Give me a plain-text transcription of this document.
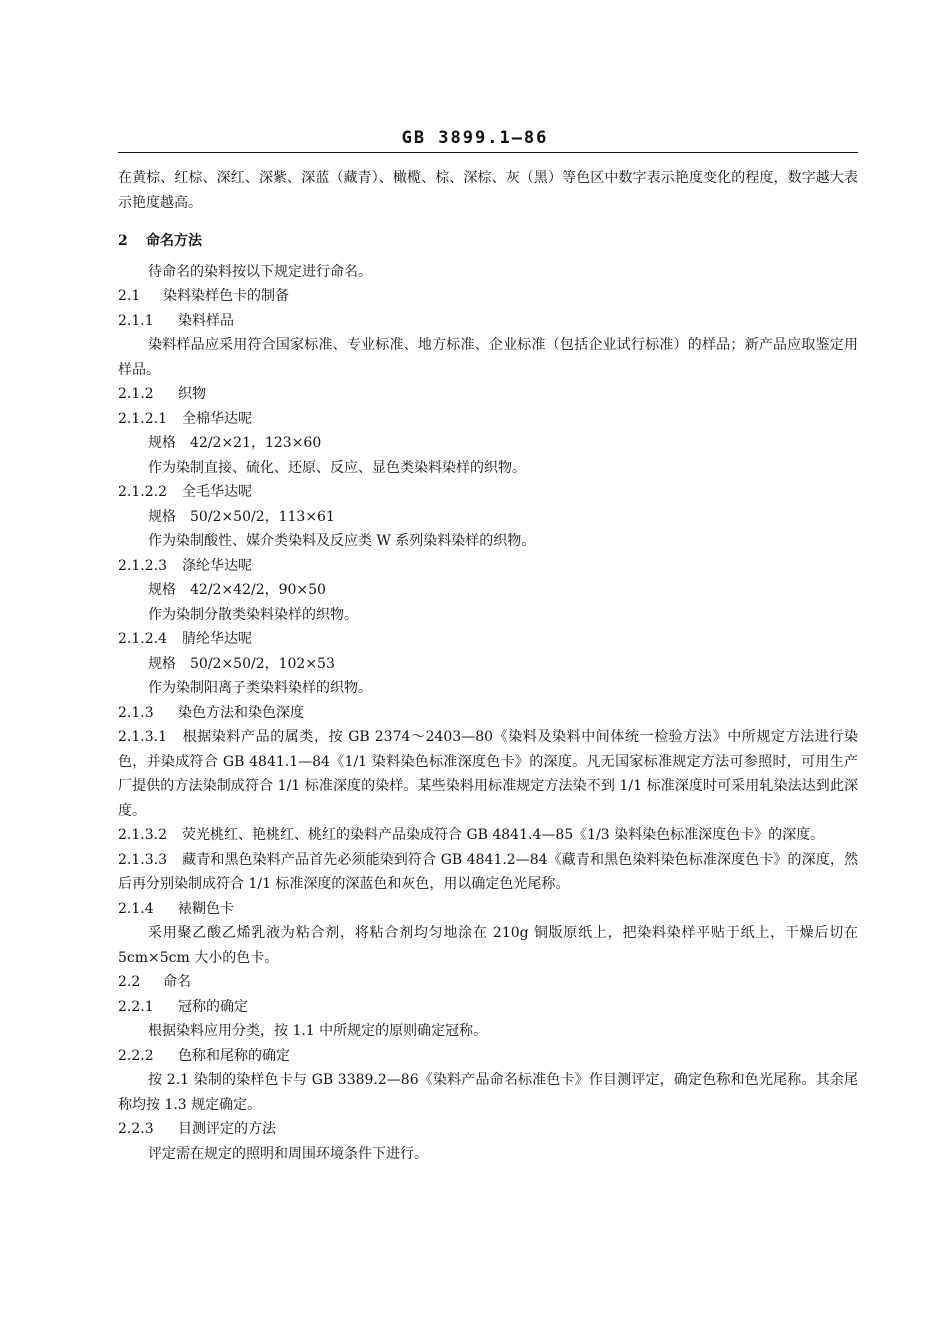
GB 3899.1—86

在黄棕、红棕、深红、深紫、深蓝（藏青）、橄榄、棕、深棕、灰（黑）等色区中数字表示艳度变化的程度，数字越大表示艳度越高。

2 命名方法

待命名的染料按以下规定进行命名。

2.1 染料染样色卡的制备

2.1.1 染料样品

染料样品应采用符合国家标准、专业标准、地方标准、企业标准（包括企业试行标准）的样品；新产品应取鉴定用样品。

2.1.2 织物

2.1.2.1 全棉华达呢

规格　42/2×21，123×60

作为染制直接、硫化、还原、反应、显色类染料染样的织物。

2.1.2.2 全毛华达呢

规格　50/2×50/2，113×61

作为染制酸性、媒介类染料及反应类 W 系列染料染样的织物。

2.1.2.3 涤纶华达呢

规格　42/2×42/2，90×50

作为染制分散类染料染样的织物。

2.1.2.4 腈纶华达呢

规格　50/2×50/2，102×53

作为染制阳离子类染料染样的织物。

2.1.3 染色方法和染色深度

2.1.3.1 根据染料产品的属类，按 GB 2374～2403—80《染料及染料中间体统一检验方法》中所规定方法进行染色，并染成符合 GB 4841.1—84《1/1 染料染色标准深度色卡》的深度。凡无国家标准规定方法可参照时，可用生产厂提供的方法染制成符合 1/1 标准深度的染样。某些染料用标准规定方法染不到 1/1 标准深度时可采用轧染法达到此深度。

2.1.3.2 荧光桃红、艳桃红、桃红的染料产品染成符合 GB 4841.4—85《1/3 染料染色标准深度色卡》的深度。

2.1.3.3 藏青和黑色染料产品首先必须能染到符合 GB 4841.2—84《藏青和黑色染料染色标准深度色卡》的深度，然后再分别染制成符合 1/1 标准深度的深蓝色和灰色，用以确定色光尾称。

2.1.4 裱糊色卡

采用聚乙酸乙烯乳液为粘合剂，将粘合剂均匀地涂在 210g 铜版原纸上，把染料染样平贴于纸上，干燥后切在 5cm×5cm 大小的色卡。

2.2 命名

2.2.1 冠称的确定

根据染料应用分类，按 1.1 中所规定的原则确定冠称。

2.2.2 色称和尾称的确定

按 2.1 染制的染样色卡与 GB 3389.2—86《染料产品命名标准色卡》作目测评定，确定色称和色光尾称。其余尾称均按 1.3 规定确定。

2.2.3 目测评定的方法

评定需在规定的照明和周围环境条件下进行。
